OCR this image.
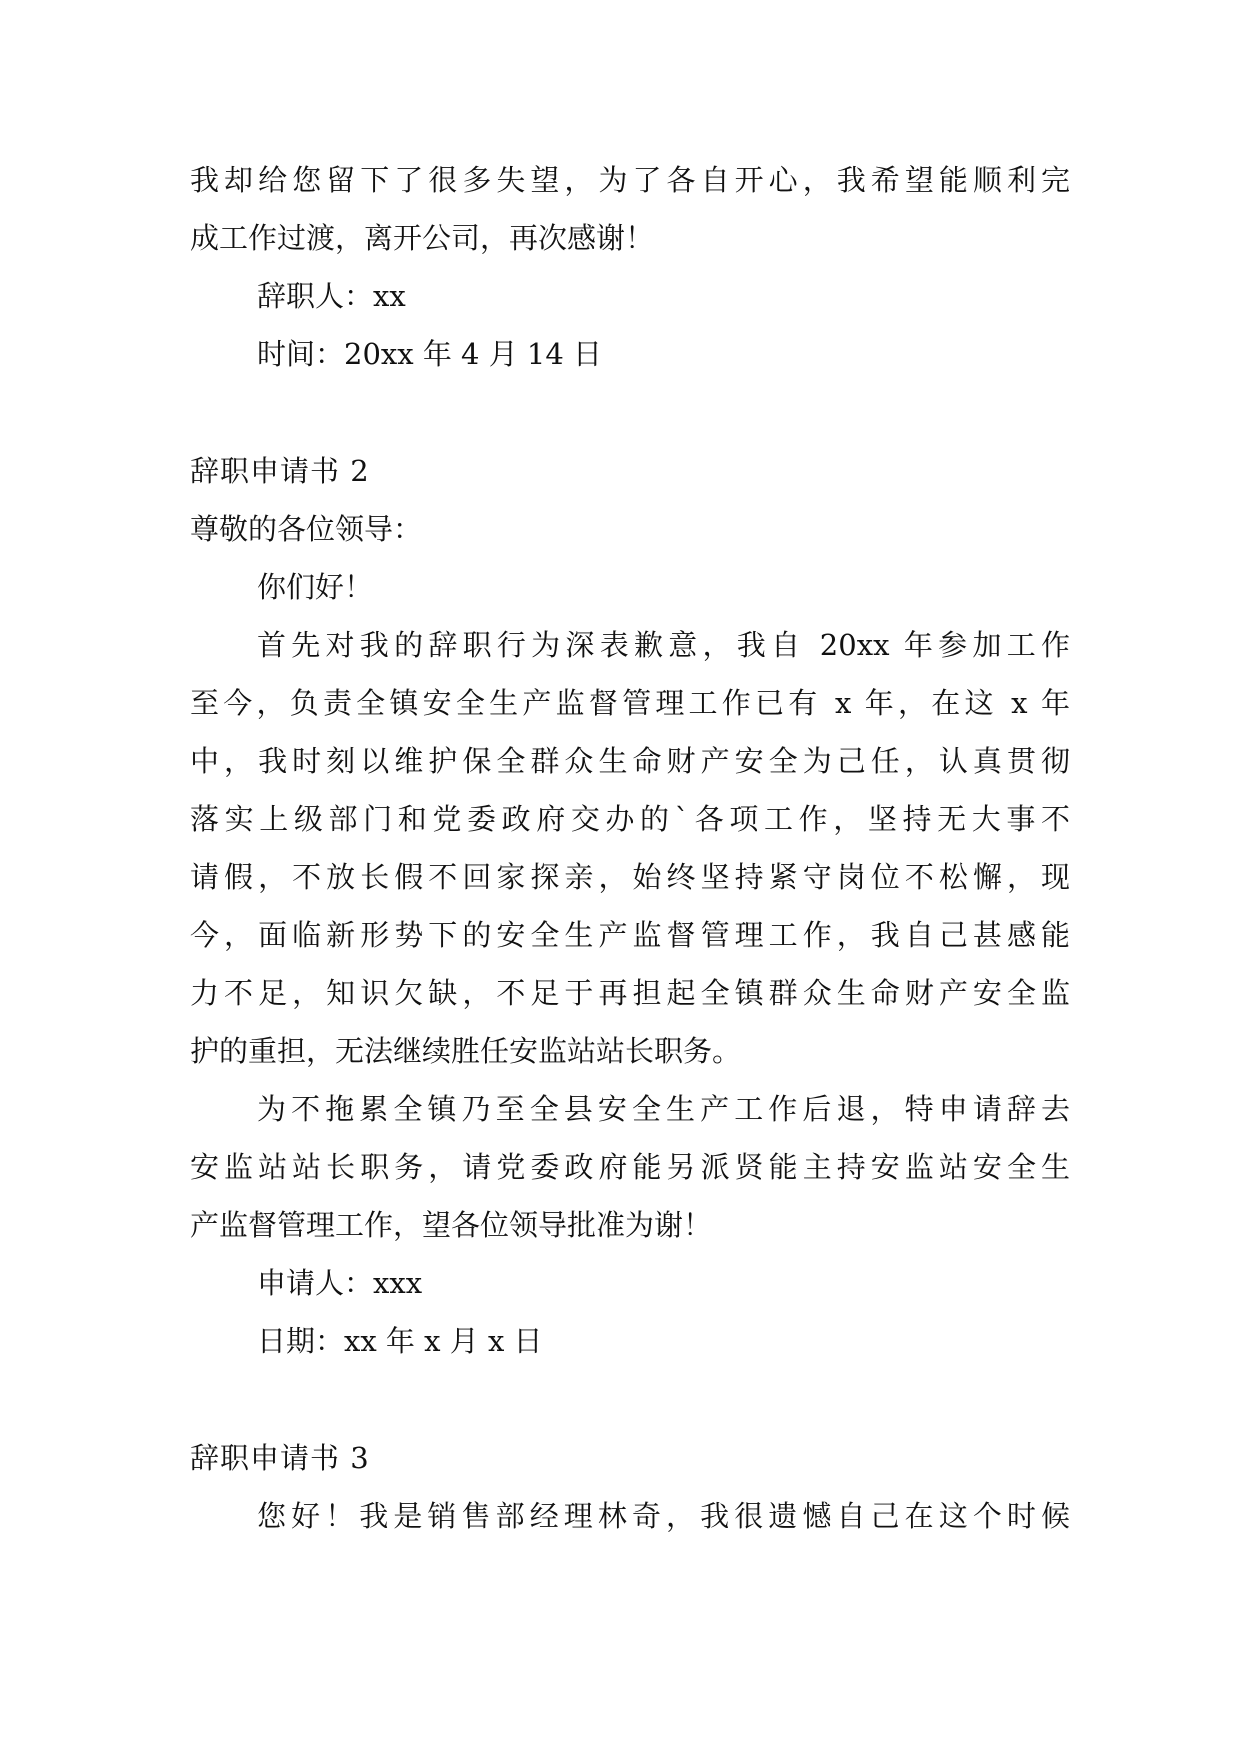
我却给您留下了很多失望，为了各自开心，我希望能顺利完

成工作过渡，离开公司，再次感谢！

辞职人：xx

时间：20xx 年 4 月 14 日

辞职申请书 2

尊敬的各位领导：

你们好！

首先对我的辞职行为深表歉意，我自 20xx 年参加工作

至今，负责全镇安全生产监督管理工作已有 x 年，在这 x 年

中，我时刻以维护保全群众生命财产安全为己任，认真贯彻

落实上级部门和党委政府交办的`各项工作，坚持无大事不

请假，不放长假不回家探亲，始终坚持紧守岗位不松懈，现

今，面临新形势下的安全生产监督管理工作，我自己甚感能

力不足，知识欠缺，不足于再担起全镇群众生命财产安全监

护的重担，无法继续胜任安监站站长职务。

为不拖累全镇乃至全县安全生产工作后退，特申请辞去

安监站站长职务，请党委政府能另派贤能主持安监站安全生

产监督管理工作，望各位领导批准为谢！

申请人：xxx

日期：xx 年 x 月 x 日

辞职申请书 3

您好！我是销售部经理林奇，我很遗憾自己在这个时候
